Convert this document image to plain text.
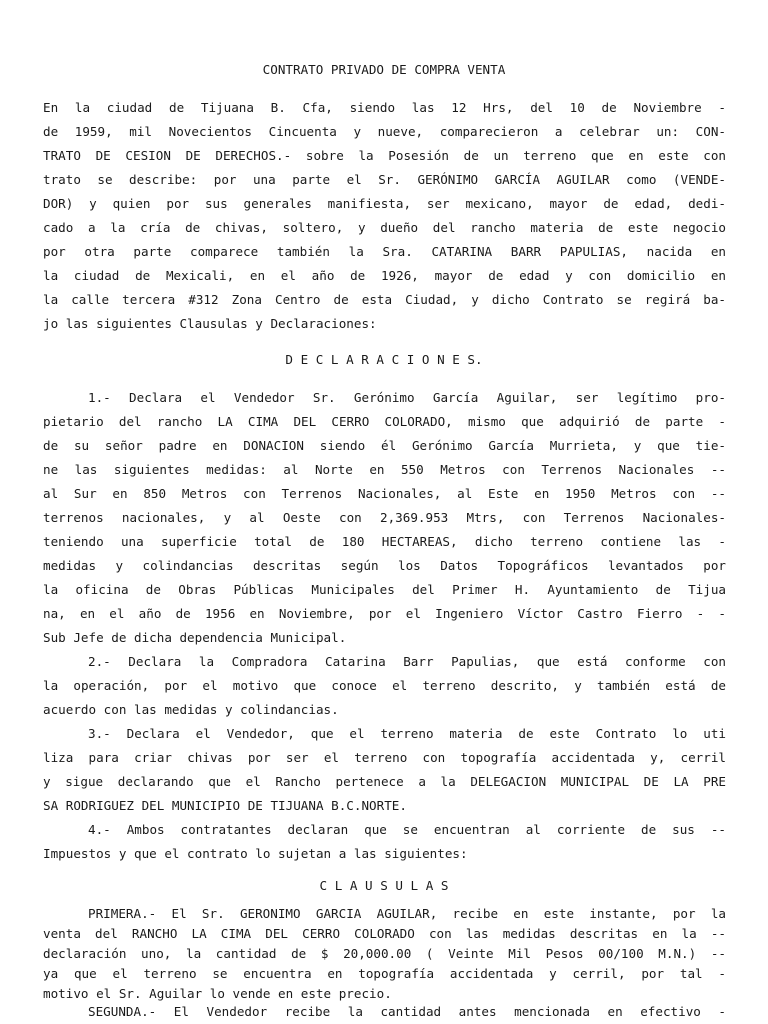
CONTRATO PRIVADO DE COMPRA VENTA
En la ciudad de Tijuana B. Cfa, siendo las 12 Hrs, del 10 de Noviembre -
de 1959, mil Novecientos Cincuenta y nueve, comparecieron a celebrar un: CON-
TRATO DE CESION DE DERECHOS.- sobre la Posesión de un terreno que en este con
trato se describe: por una parte el Sr. GERÓNIMO GARCÍA AGUILAR como (VENDE-
DOR) y quien por sus generales manifiesta, ser mexicano, mayor de edad, dedi-
cado a la cría de chivas, soltero, y dueño del rancho materia de este negocio
por otra parte comparece también la Sra. CATARINA BARR PAPULIAS, nacida en
la ciudad de Mexicali, en el año de 1926, mayor de edad y con domicilio en
la calle tercera #312 Zona Centro de esta Ciudad, y dicho Contrato se regirá ba-
jo las siguientes Clausulas y Declaraciones:
D E C L A R A C I O N E S.
1.- Declara el Vendedor Sr. Gerónimo García Aguilar, ser legítimo pro-
pietario del rancho LA CIMA DEL CERRO COLORADO, mismo que adquirió de parte -
de su señor padre en DONACION siendo él Gerónimo García Murrieta, y que tie-
ne las siguientes medidas: al Norte en 550 Metros con Terrenos Nacionales --
al Sur en 850 Metros con Terrenos Nacionales, al Este en 1950 Metros con --
terrenos nacionales, y al Oeste con 2,369.953 Mtrs, con Terrenos Nacionales-
teniendo una superficie total de 180 HECTAREAS, dicho terreno contiene las -
medidas y colindancias descritas según los Datos Topográficos levantados por
la oficina de Obras Públicas Municipales del Primer H. Ayuntamiento de Tijua
na, en el año de 1956 en Noviembre, por el Ingeniero Víctor Castro Fierro - -
Sub Jefe de dicha dependencia Municipal.
2.- Declara la Compradora Catarina Barr Papulias, que está conforme con
la operación, por el motivo que conoce el terreno descrito, y también está de
acuerdo con las medidas y colindancias.
3.- Declara el Vendedor, que el terreno materia de este Contrato lo uti
liza para criar chivas por ser el terreno con topografía accidentada y, cerril
y sigue declarando que el Rancho pertenece a la DELEGACION MUNICIPAL DE LA PRE
SA RODRIGUEZ DEL MUNICIPIO DE TIJUANA B.C.NORTE.
4.- Ambos contratantes declaran que se encuentran al corriente de sus --
Impuestos y que el contrato lo sujetan a las siguientes:
C L A U S U L A S
PRIMERA.- El Sr. GERONIMO GARCIA AGUILAR, recibe en este instante, por la
venta del RANCHO LA CIMA DEL CERRO COLORADO con las medidas descritas en la --
declaración uno, la cantidad de $ 20,000.00 ( Veinte Mil Pesos 00/100 M.N.) --
ya que el terreno se encuentra en topografía accidentada y cerril, por tal -
motivo el Sr. Aguilar lo vende en este precio.
SEGUNDA.- El Vendedor recibe la cantidad antes mencionada en efectivo -
